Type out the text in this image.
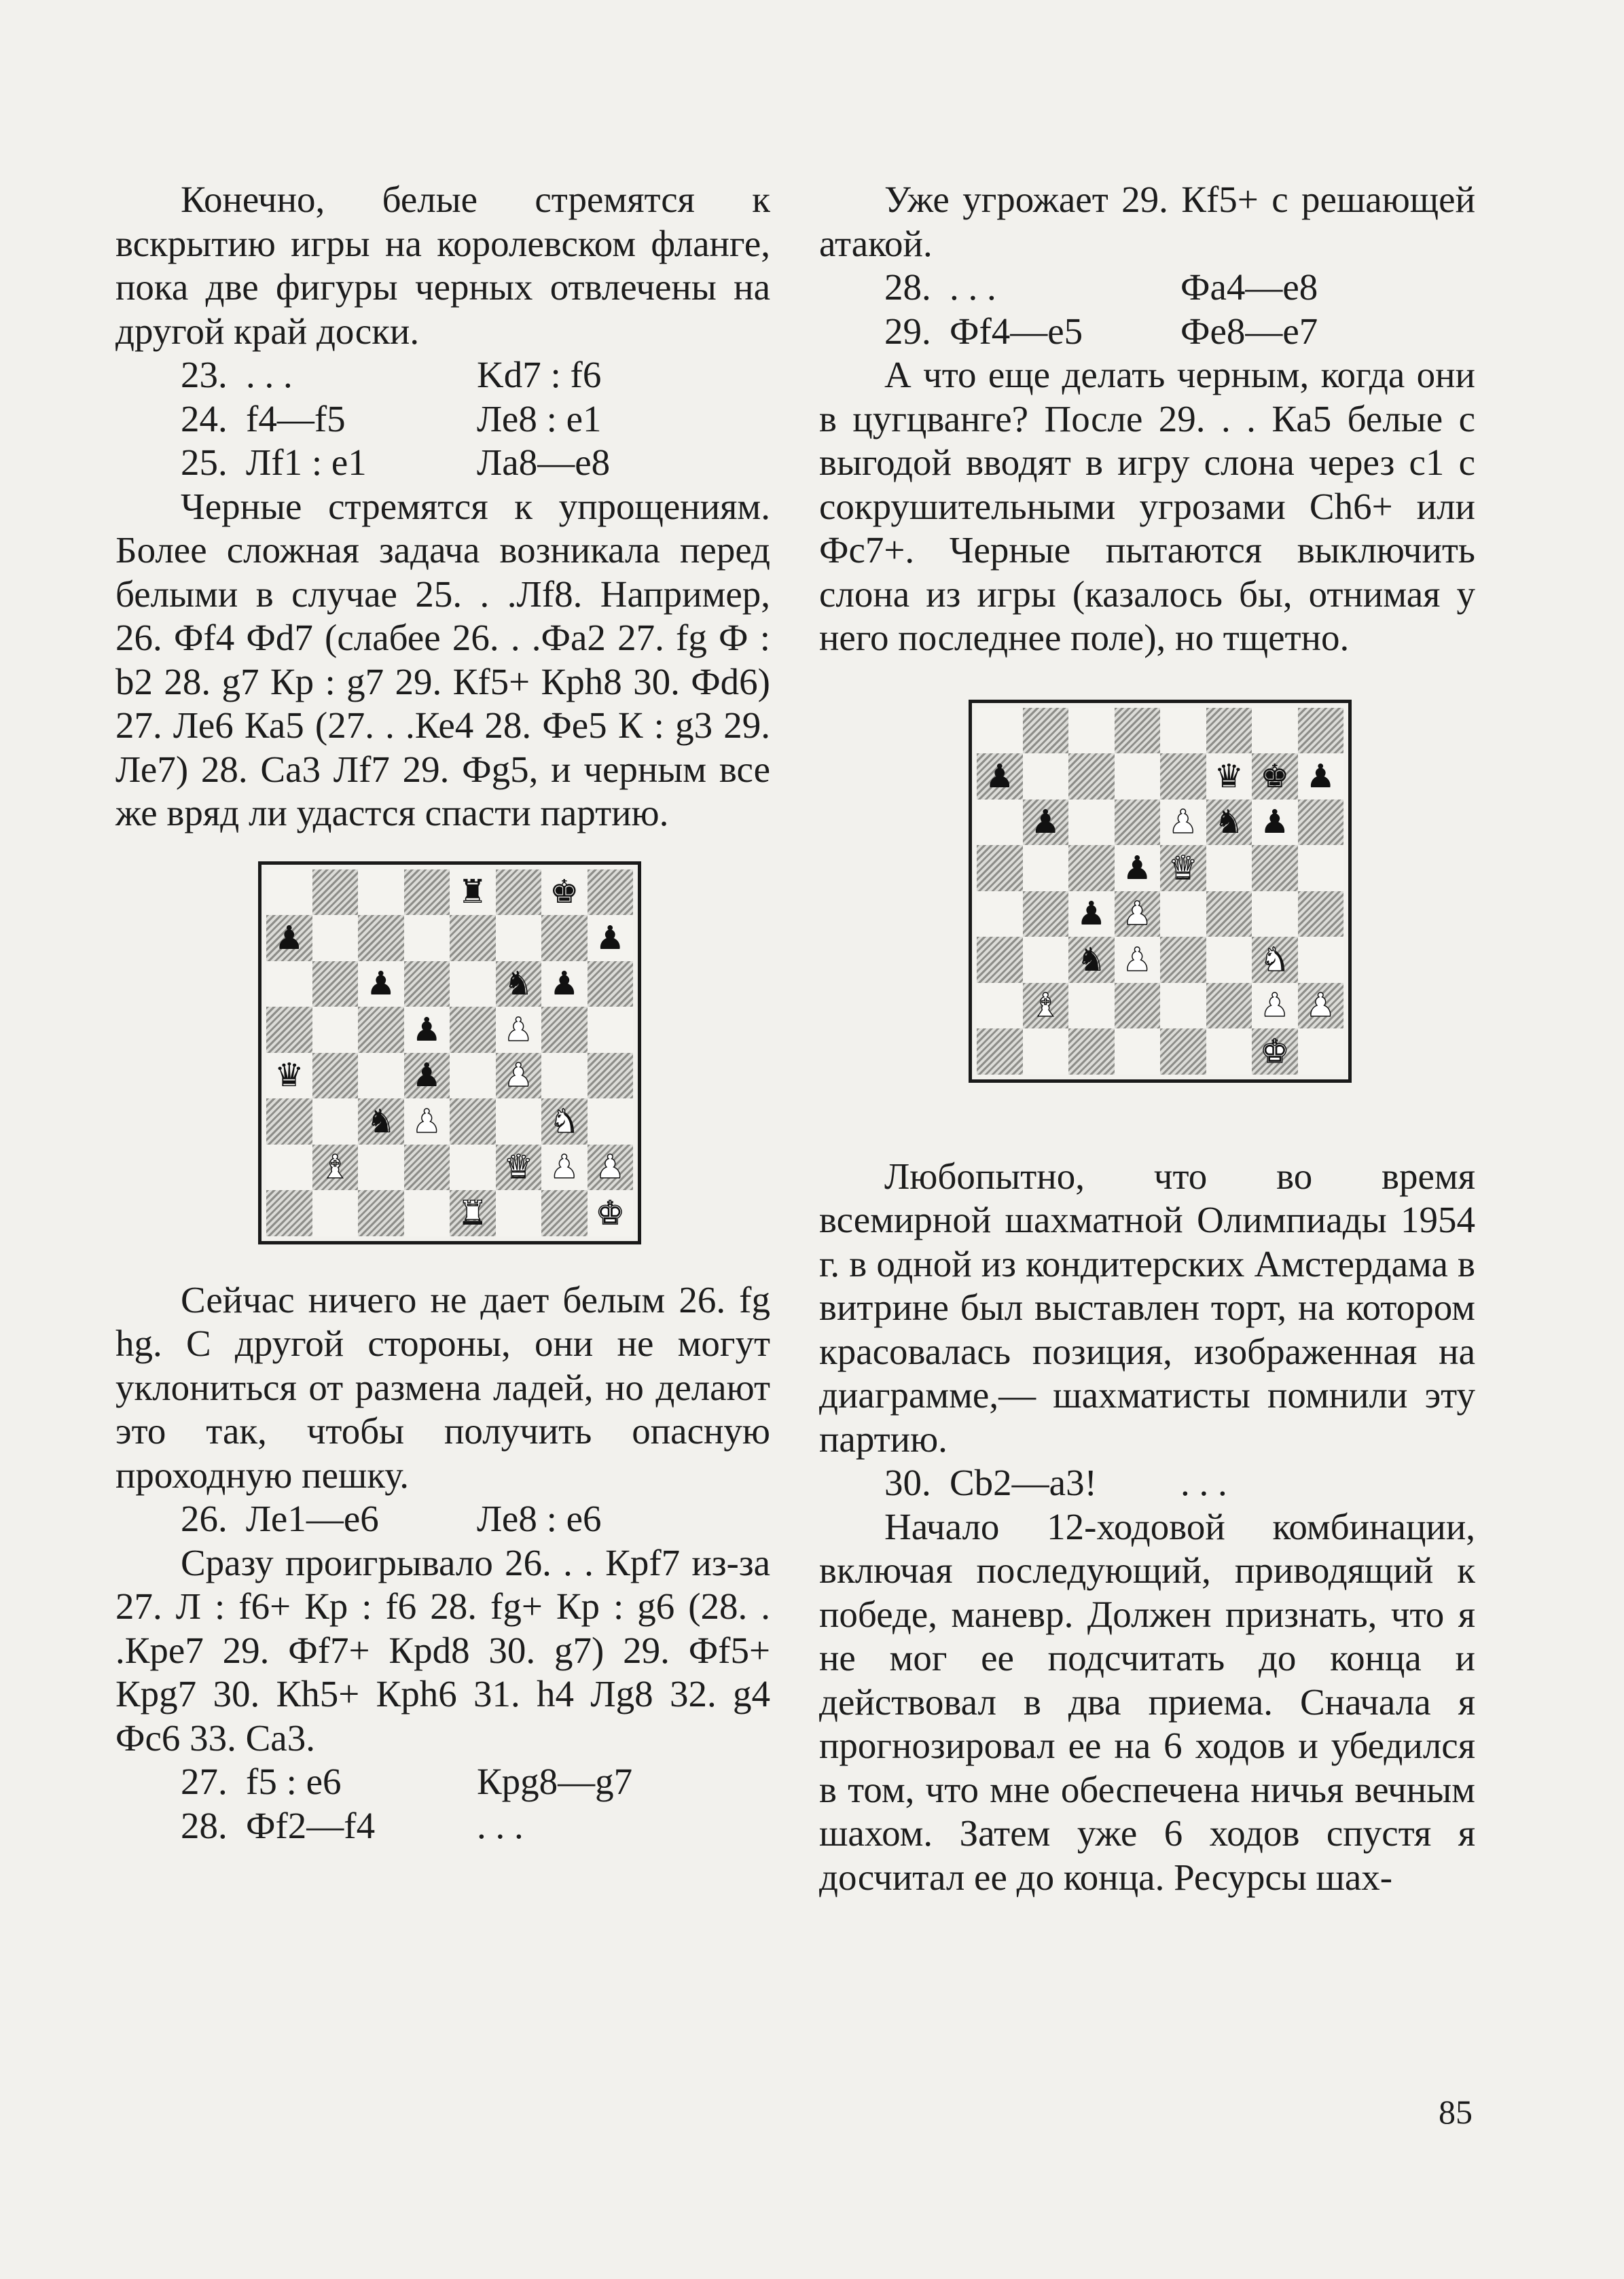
Конечно, белые стремятся к вскрытию игры на королевском фланге, пока две фигуры черных отвлечены на другой край доски.

23. . . .	Kd7 : f6
24. f4—f5	Ле8 : e1
25. Лf1 : e1	Ла8—е8

Черные стремятся к упрощениям. Более сложная задача возникала перед белыми в случае 25. . .Лf8. Например, 26. Фf4 Фd7 (слабее 26. . .Фа2 27. fg Ф : b2 28. g7 Кр : g7 29. Кf5+ Крh8 30. Фd6) 27. Ле6 Ка5 (27. . .Ке4 28. Фе5 К : g3 29. Ле7) 28. Са3 Лf7 29. Фg5, и черным все же вряд ли удастся спасти партию.

♜ ♚
♟	♟
♟	♞ ♟
♟ ♟
♛	♟ ♟
♞ ♟	♞
♝	♛ ♟ ♟
♜	♚

Сейчас ничего не дает белым 26. fg hg. С другой стороны, они не могут уклониться от размена ладей, но делают это так, чтобы получить опасную проходную пешку.

26. Ле1—е6	Ле8 : е6

Сразу проигрывало 26. . . Крf7 из-за 27. Л : f6+ Кр : f6 28. fg+ Кр : g6 (28. . .Кре7 29. Фf7+ Крd8 30. g7) 29. Фf5+ Крg7 30. Кh5+ Крh6 31. h4 Лg8 32. g4 Фс6 33. Са3.

27. f5 : е6	Крg8—g7
28. Фf2—f4	. . .

Уже угрожает 29. Кf5+ с решающей атакой.

28. . . .	Фа4—е8
29. Фf4—е5	Фе8—е7

А что еще делать черным, когда они в цугцванге? После 29. . . Ка5 белые с выгодой вводят в игру слона через с1 с сокрушительными угрозами Сh6+ или Фс7+. Черные пытаются выключить слона из игры (казалось бы, отнимая у него последнее поле), но тщетно.

♟	♛ ♚ ♟
♟	♟ ♞ ♟
♟ ♛
♟ ♟
♞ ♟	♞
♝	♟ ♟
♚

Любопытно, что во время всемирной шахматной Олимпиады 1954 г. в одной из кондитерских Амстердама в витрине был выставлен торт, на котором красовалась позиция, изображенная на диаграмме,— шахматисты помнили эту партию.

30. Сb2—а3!	. . .

Начало 12-ходовой комбинации, включая последующий, приводящий к победе, маневр. Должен признать, что я не мог ее подсчитать до конца и действовал в два приема. Сначала я прогнозировал ее на 6 ходов и убедился в том, что мне обеспечена ничья вечным шахом. Затем уже 6 ходов спустя я досчитал ее до конца. Ресурсы шах-

85
